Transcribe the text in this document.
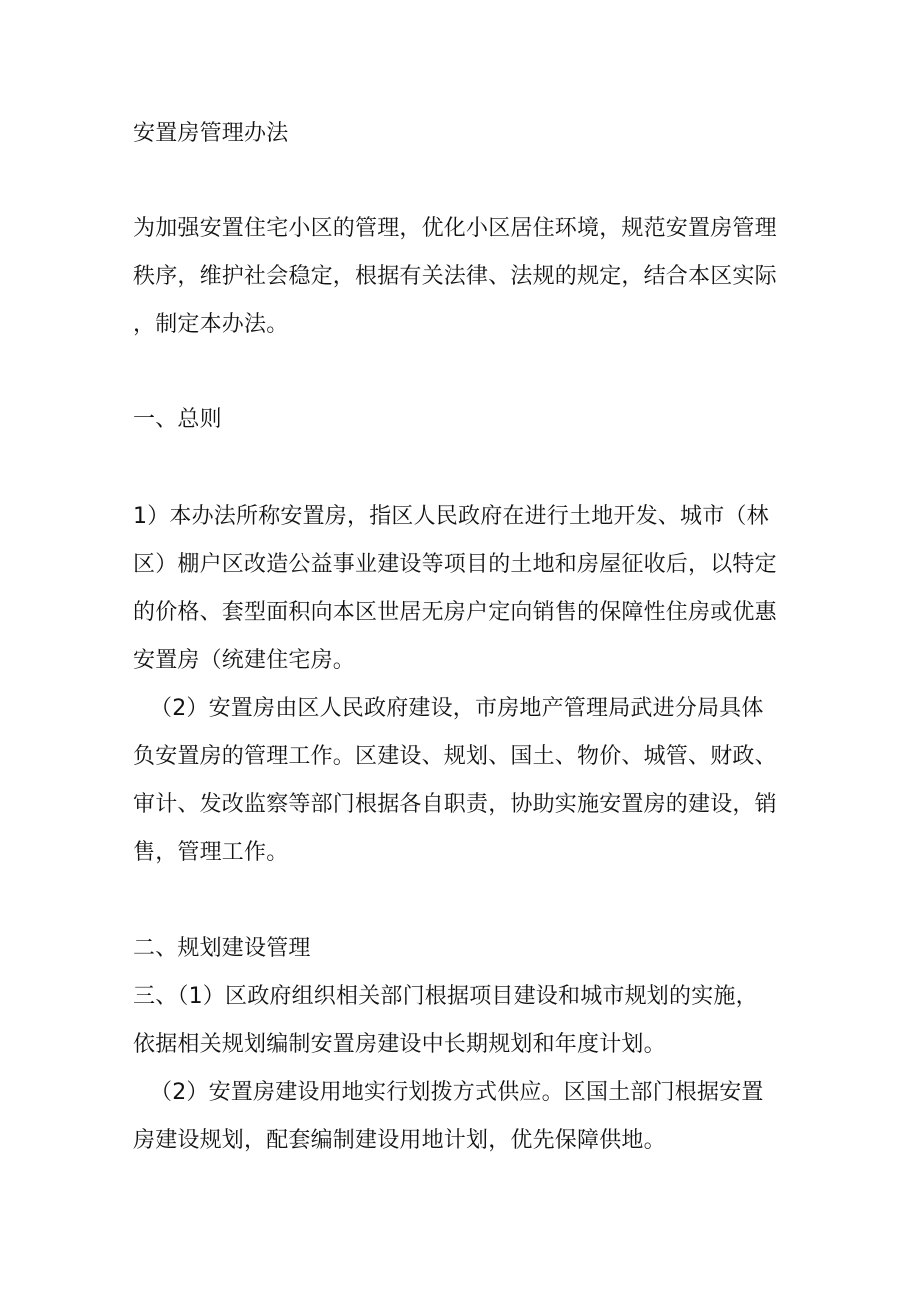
安置房管理办法
为加强安置住宅小区的管理，优化小区居住环境，规范安置房管理
秩序，维护社会稳定，根据有关法律、法规的规定，结合本区实际
，制定本办法。
一、总则
1）本办法所称安置房，指区人民政府在进行土地开发、城市（林
区）棚户区改造公益事业建设等项目的土地和房屋征收后，以特定
的价格、套型面积向本区世居无房户定向销售的保障性住房或优惠
安置房（统建住宅房。
（2）安置房由区人民政府建设，市房地产管理局武进分局具体
负安置房的管理工作。区建设、规划、国土、物价、城管、财政、
审计、发改监察等部门根据各自职责，协助实施安置房的建设，销
售，管理工作。
二、规划建设管理
三、（1）区政府组织相关部门根据项目建设和城市规划的实施，
依据相关规划编制安置房建设中长期规划和年度计划。
（2）安置房建设用地实行划拨方式供应。区国土部门根据安置
房建设规划，配套编制建设用地计划，优先保障供地。
